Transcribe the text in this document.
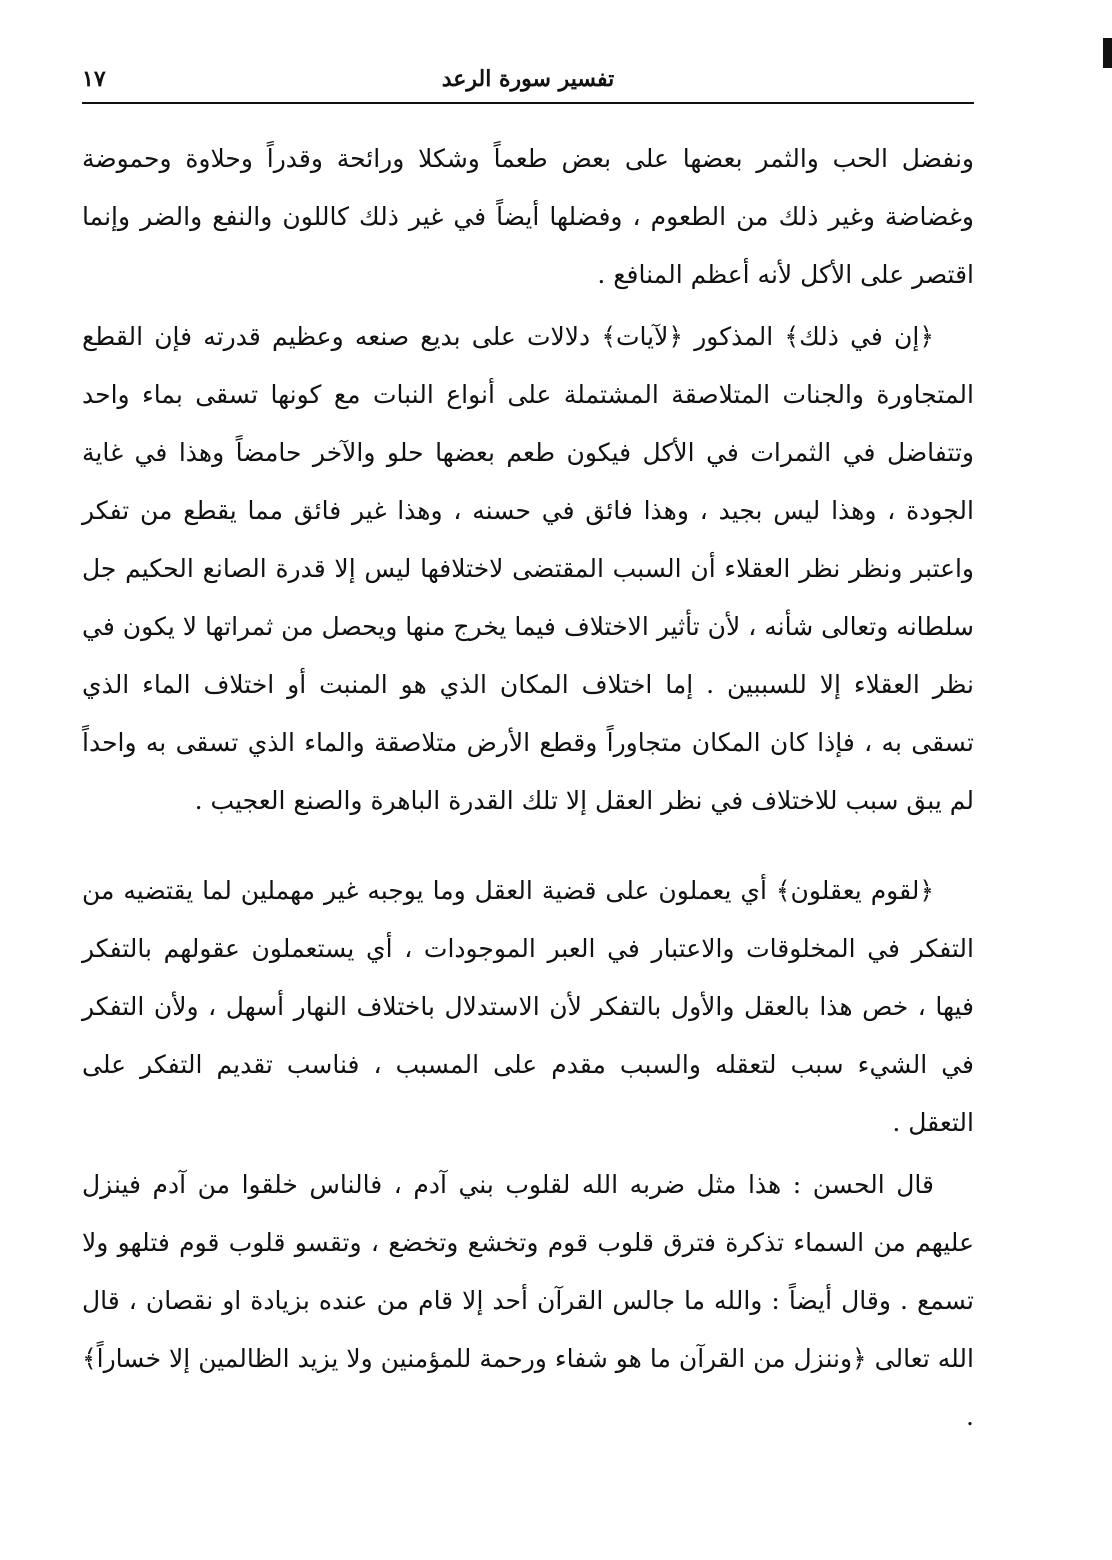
تفسير سورة الرعد
١٧

ونفضل الحب والثمر بعضها على بعض طعماً وشكلا ورائحة وقدراً وحلاوة وحموضة وغضاضة وغير ذلك من الطعوم ، وفضلها أيضاً في غير ذلك كاللون والنفع والضر وإنما اقتصر على الأكل لأنه أعظم المنافع .

﴿إن في ذلك﴾ المذكور ﴿لآيات﴾ دلالات على بديع صنعه وعظيم قدرته فإن القطع المتجاورة والجنات المتلاصقة المشتملة على أنواع النبات مع كونها تسقى بماء واحد وتتفاضل في الثمرات في الأكل فيكون طعم بعضها حلو والآخر حامضاً وهذا في غاية الجودة ، وهذا ليس بجيد ، وهذا فائق في حسنه ، وهذا غير فائق مما يقطع من تفكر واعتبر ونظر نظر العقلاء أن السبب المقتضى لاختلافها ليس إلا قدرة الصانع الحكيم جل سلطانه وتعالى شأنه ، لأن تأثير الاختلاف فيما يخرج منها ويحصل من ثمراتها لا يكون في نظر العقلاء إلا للسببين . إما اختلاف المكان الذي هو المنبت أو اختلاف الماء الذي تسقى به ، فإذا كان المكان متجاوراً وقطع الأرض متلاصقة والماء الذي تسقى به واحداً لم يبق سبب للاختلاف في نظر العقل إلا تلك القدرة الباهرة والصنع العجيب .

﴿لقوم يعقلون﴾ أي يعملون على قضية العقل وما يوجبه غير مهملين لما يقتضيه من التفكر في المخلوقات والاعتبار في العبر الموجودات ، أي يستعملون عقولهم بالتفكر فيها ، خص هذا بالعقل والأول بالتفكر لأن الاستدلال باختلاف النهار أسهل ، ولأن التفكر في الشيء سبب لتعقله والسبب مقدم على المسبب ، فناسب تقديم التفكر على التعقل .

قال الحسن : هذا مثل ضربه الله لقلوب بني آدم ، فالناس خلقوا من آدم فينزل عليهم من السماء تذكرة فترق قلوب قوم وتخشع وتخضع ، وتقسو قلوب قوم فتلهو ولا تسمع . وقال أيضاً : والله ما جالس القرآن أحد إلا قام من عنده بزيادة او نقصان ، قال الله تعالى ﴿وننزل من القرآن ما هو شفاء ورحمة للمؤمنين ولا يزيد الظالمين إلا خساراً﴾ .
